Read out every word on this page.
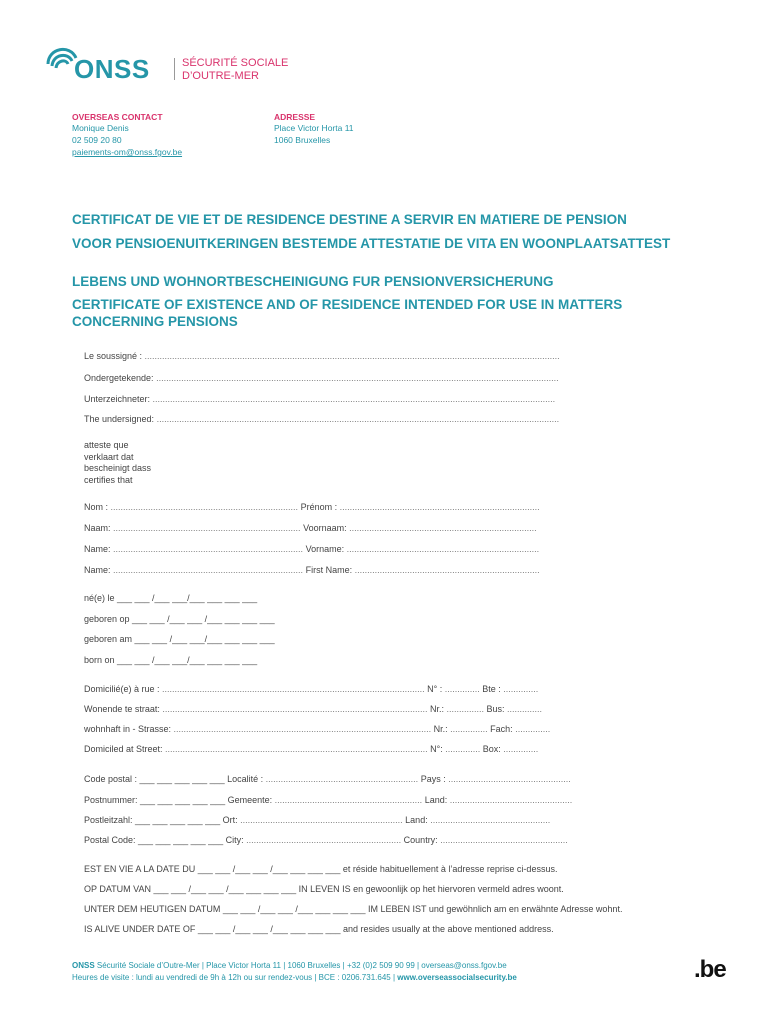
ONSS	SÉCURITÉ SOCIALE
D’OUTRE-MER
OVERSEAS CONTACT
Monique Denis
02 509 20 80
paiements-om@onss.fgov.be
ADRESSE
Place Victor Horta 11
1060 Bruxelles
CERTIFICAT DE VIE ET DE RESIDENCE DESTINE A SERVIR EN MATIERE DE PENSION
VOOR PENSIOENUITKERINGEN BESTEMDE ATTESTATIE DE VITA EN WOONPLAATSATTEST
LEBENS UND WOHNORTBESCHEINIGUNG FUR PENSIONVERSICHERUNG
CERTIFICATE OF EXISTENCE AND OF RESIDENCE INTENDED FOR USE IN MATTERS CONCERNING PENSIONS
Le soussigné : ......................................................................................................................................................................
Ondergetekende: .................................................................................................................................................................
Unterzeichneter: .................................................................................................................................................................
The undersigned: .................................................................................................................................................................
atteste que
verklaart dat
bescheinigt dass
certifies that
Nom : ........................................................................... Prénom : ................................................................................
Naam: ........................................................................... Voornaam: ...........................................................................
Name: ............................................................................ Vorname: .............................................................................
Name: ............................................................................ First Name: ..........................................................................
né(e) le ___ ___ /___ ___/___ ___ ___ ___
geboren op ___ ___ /___ ___ /___ ___ ___ ___
geboren am ___ ___ /___ ___/___ ___ ___ ___
born on ___ ___ /___ ___/___ ___ ___ ___
Domicilié(e) à rue : ......................................................................................................... N° : .............. Bte : ..............
Wonende te straat: .......................................................................................................... Nr.: ............... Bus: ..............
wohnhaft in - Strasse: ....................................................................................................... Nr.: ............... Fach: ..............
Domiciled at Street: ......................................................................................................... N°: .............. Box: ..............
Code postal : ___ ___ ___ ___ ___ Localité : ............................................................. Pays : .................................................
Postnummer: ___ ___ ___ ___ ___ Gemeente: ........................................................... Land: .................................................
Postleitzahl: ___ ___ ___ ___ ___ Ort: ................................................................. Land: ................................................
Postal Code: ___ ___ ___ ___ ___ City: .............................................................. Country: ...................................................
EST EN VIE A LA DATE DU ___ ___ /___ ___ /___ ___ ___ ___ et réside habituellement à l’adresse reprise ci-dessus.
OP DATUM VAN ___ ___ /___ ___ /___ ___ ___ ___ IN LEVEN IS en gewoonlijk op het hiervoren vermeld adres woont.
UNTER DEM HEUTIGEN DATUM ___ ___ /___ ___ /___ ___ ___ ___ IM LEBEN IST und gewöhnlich am en erwähnte Adresse wohnt.
IS ALIVE UNDER DATE OF ___ ___ /___ ___ /___ ___ ___ ___ and resides usually at the above mentioned address.
ONSS Sécurité Sociale d’Outre-Mer | Place Victor Horta 11 | 1060 Bruxelles | +32 (0)2 509 90 99 | overseas@onss.fgov.be
Heures de visite : lundi au vendredi de 9h à 12h ou sur rendez-vous | BCE : 0206.731.645 | www.overseassocialsecurity.be	.be
